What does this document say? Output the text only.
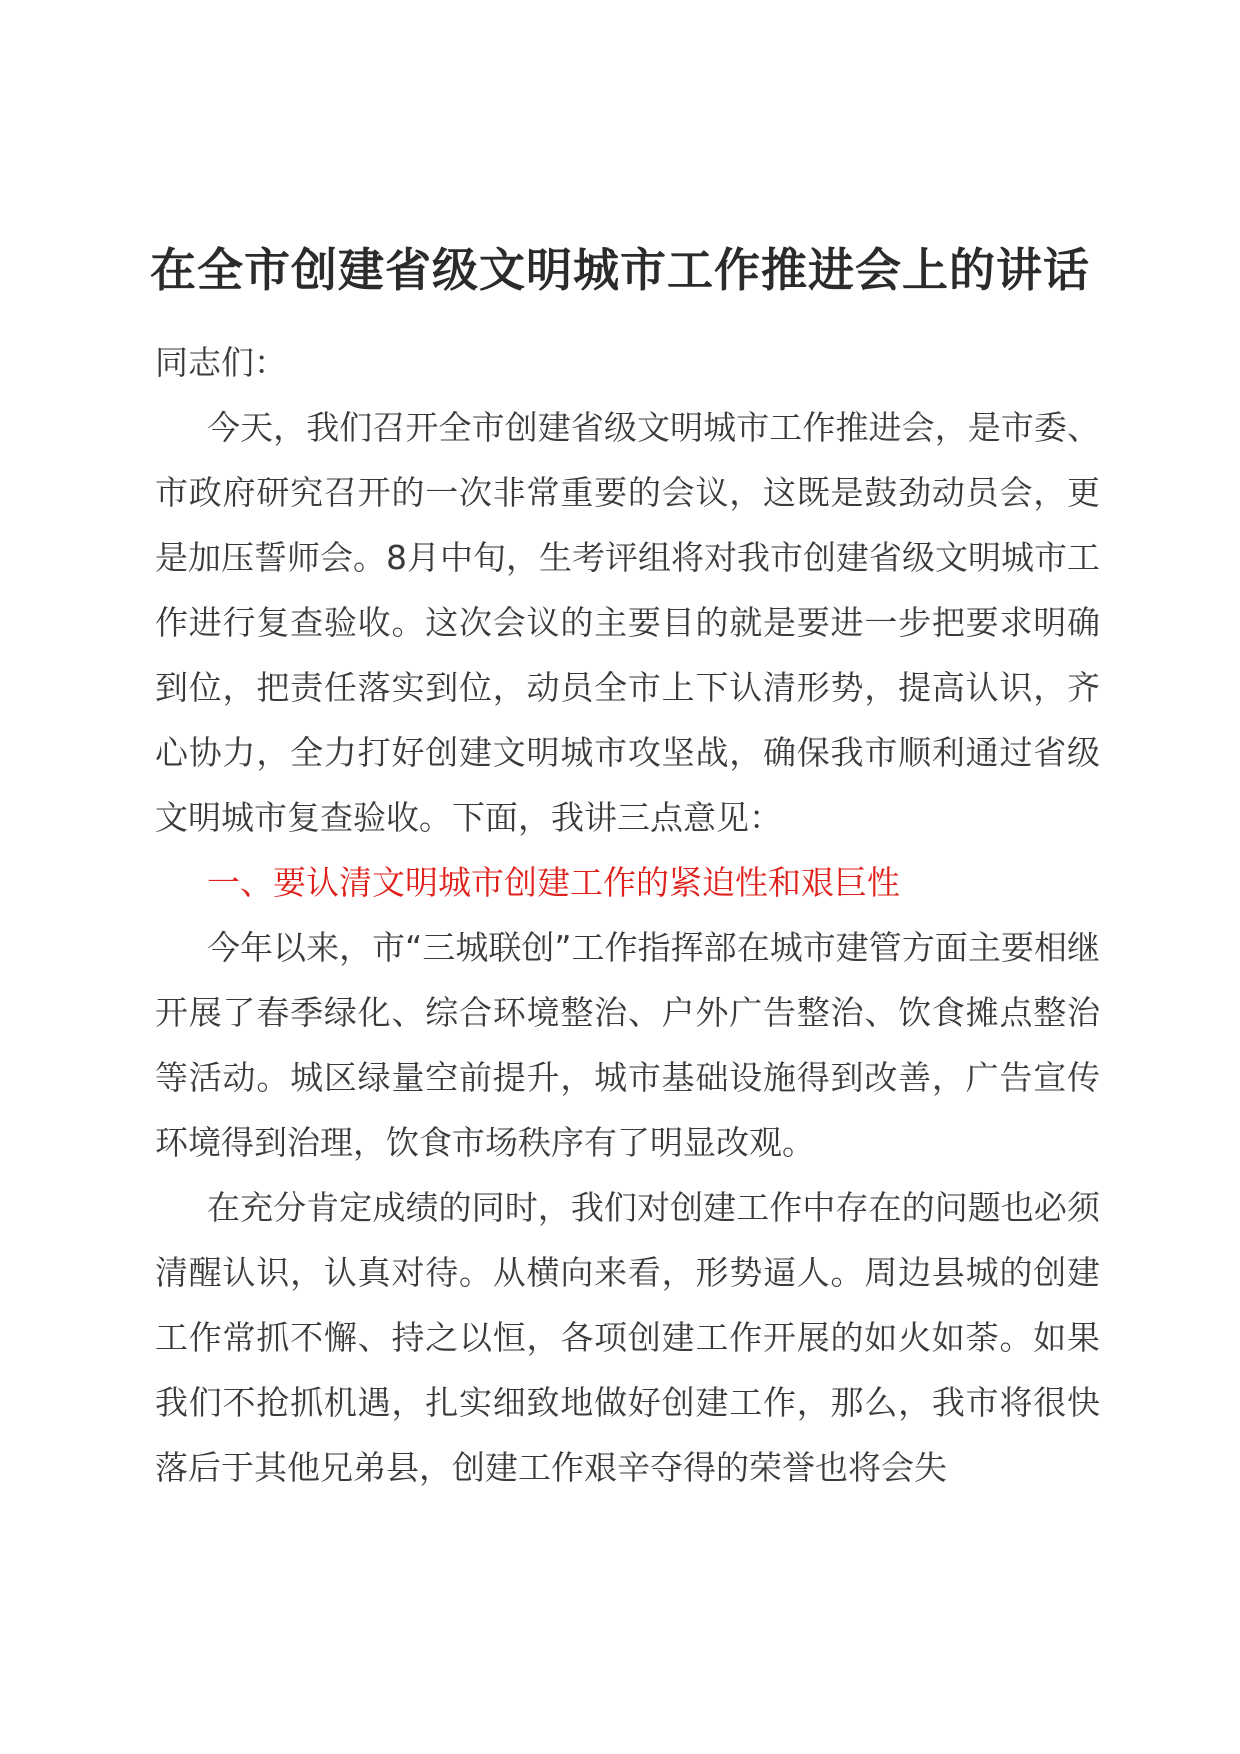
在全市创建省级文明城市工作推进会上的讲话

同志们：

今天，我们召开全市创建省级文明城市工作推进会，是市委、市政府研究召开的一次非常重要的会议，这既是鼓劲动员会，更是加压誓师会。8月中旬，生考评组将对我市创建省级文明城市工作进行复查验收。这次会议的主要目的就是要进一步把要求明确到位，把责任落实到位，动员全市上下认清形势，提高认识，齐心协力，全力打好创建文明城市攻坚战，确保我市顺利通过省级文明城市复查验收。下面，我讲三点意见：

一、要认清文明城市创建工作的紧迫性和艰巨性

今年以来，市“三城联创”工作指挥部在城市建管方面主要相继开展了春季绿化、综合环境整治、户外广告整治、饮食摊点整治等活动。城区绿量空前提升，城市基础设施得到改善，广告宣传环境得到治理，饮食市场秩序有了明显改观。

在充分肯定成绩的同时，我们对创建工作中存在的问题也必须清醒认识，认真对待。从横向来看，形势逼人。周边县城的创建工作常抓不懈、持之以恒，各项创建工作开展的如火如荼。如果我们不抢抓机遇，扎实细致地做好创建工作，那么，我市将很快落后于其他兄弟县，创建工作艰辛夺得的荣誉也将会失
